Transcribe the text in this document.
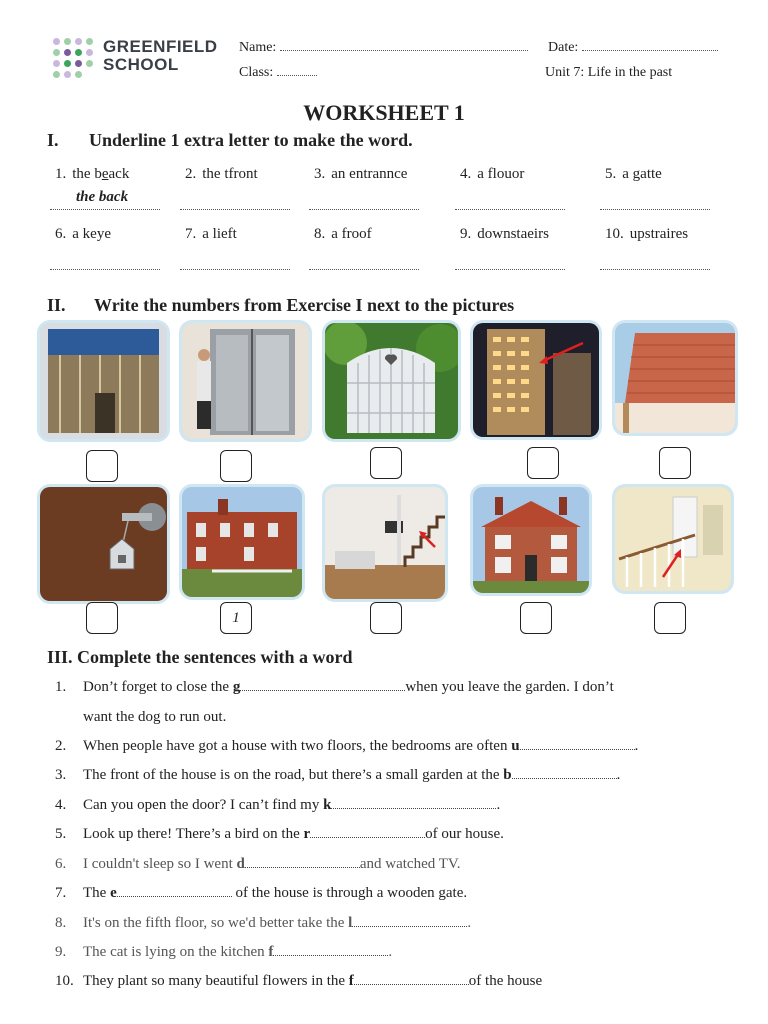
GREENFIELD
SCHOOL
Name:	Date:
Class:	Unit 7: Life in the past
WORKSHEET 1
I. Underline 1 extra letter to make the word.
1. the beack
the back
2. the tfront	3. an entrannce	4. a flouor	5. a gatte
6. a keye	7. a lieft	8. a froof	9. downstaeirs	10. upstraires
II. Write the numbers from Exercise I next to the pictures
1
III. Complete the sentences with a word
1. Don’t forget to close the g	when you leave the garden. I don’t
want the dog to run out.
2. When people have got a house with two floors, the bedrooms are often u	.
3. The front of the house is on the road, but there’s a small garden at the b	.
4. Can you open the door? I can’t find my k	.
5. Look up there! There’s a bird on the r	of our house.
6. I couldn't sleep so I went d	and watched TV.
7. The e	of the house is through a wooden gate.
8. It's on the fifth floor, so we'd better take the l	.
9. The cat is lying on the kitchen f	.
10. They plant so many beautiful flowers in the f	of the house
